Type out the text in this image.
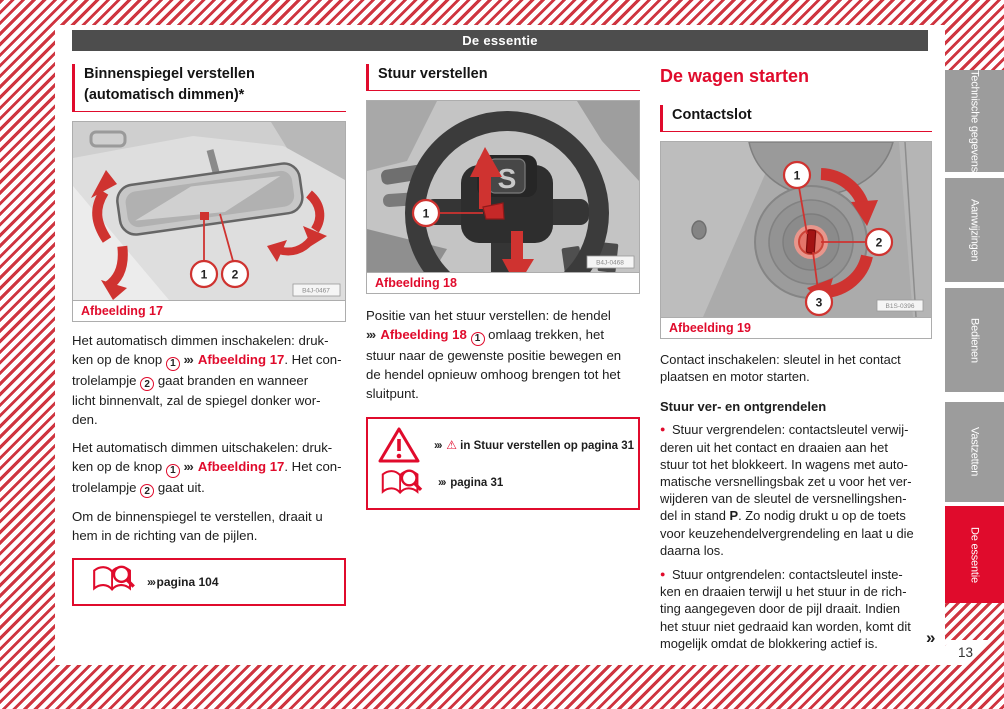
De essentie
Binnenspiegel verstellen
(automatisch dimmen)*
1 2
B4J-0467
Afbeelding 17
Het automatisch dimmen inschakelen: druk-
ken op de knop 1 ››› Afbeelding 17. Het con-
trolelampje 2 gaat branden en wanneer
licht binnenvalt, zal de spiegel donker wor-
den.
Het automatisch dimmen uitschakelen: druk-
ken op de knop 1 ››› Afbeelding 17. Het con-
trolelampje 2 gaat uit.
Om de binnenspiegel te verstellen, draait u
hem in de richting van de pijlen.
››› pagina 104
Stuur verstellen
S
1
B4J-0468
Afbeelding 18
Positie van het stuur verstellen: de hendel
››› Afbeelding 18 1 omlaag trekken, het
stuur naar de gewenste positie bewegen en
de hendel opnieuw omhoog brengen tot het
sluitpunt.
››› ⚠ in Stuur verstellen op pagina 31
››› pagina 31
De wagen starten
Contactslot
1
2
3	B1S-0396
Afbeelding 19
Contact inschakelen: sleutel in het contact
plaatsen en motor starten.
Stuur ver- en ontgrendelen
● Stuur vergrendelen: contactsleutel verwij-
deren uit het contact en draaien aan het
stuur tot het blokkeert. In wagens met auto-
matische versnellingsbak zet u voor het ver-
wijderen van de sleutel de versnellingshen-
del in stand P. Zo nodig drukt u op de toets
voor keuzehendelvergrendeling en laat u die
daarna los.
● Stuur ontgrendelen: contactsleutel inste-
ken en draaien terwijl u het stuur in de rich-
ting aangegeven door de pijl draait. Indien
het stuur niet gedraaid kan worden, komt dit
mogelijk omdat de blokkering actief is.
Technische gegevens
Aanwijzingen
Bedienen
Vastzetten
De essentie
»
13
